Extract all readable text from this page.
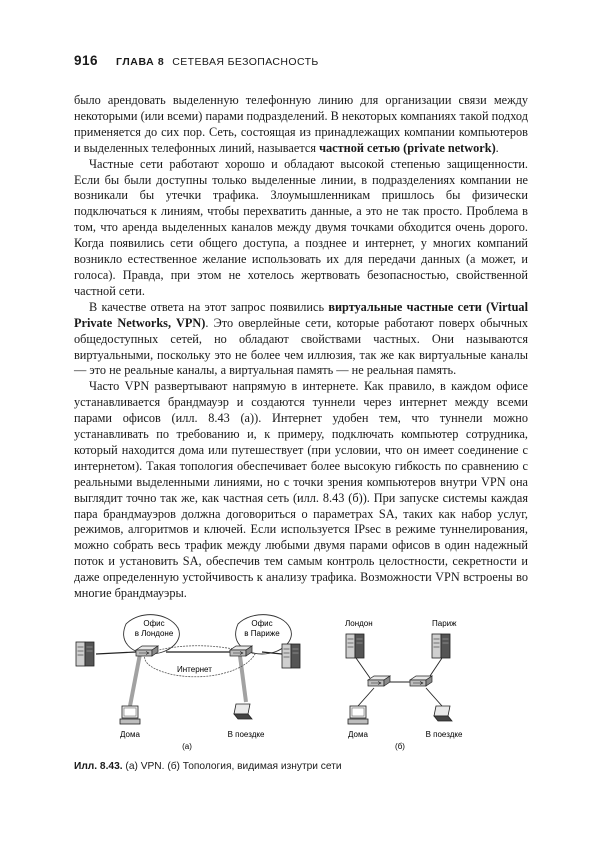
916 ГЛАВА 8 СЕТЕВАЯ БЕЗОПАСНОСТЬ

было арендовать выделенную телефонную линию для организации связи между некоторыми (или всеми) парами подразделений. В некоторых компаниях такой подход применяется до сих пор. Сеть, состоящая из принадлежащих компании компьютеров и выделенных телефонных линий, называется частной сетью (private network).

Частные сети работают хорошо и обладают высокой степенью защищенности. Если бы были доступны только выделенные линии, в подразделениях компании не возникали бы утечки трафика. Злоумышленникам пришлось бы физически подключаться к линиям, чтобы перехватить данные, а это не так просто. Проблема в том, что аренда выделенных каналов между двумя точками обходится очень дорого. Когда появились сети общего доступа, а позднее и интернет, у многих компаний возникло естественное желание использовать их для передачи данных (а может, и голоса). Правда, при этом не хотелось жертвовать безопасностью, свойственной частной сети.

В качестве ответа на этот запрос появились виртуальные частные сети (Virtual Private Networks, VPN). Это оверлейные сети, которые работают поверх обычных общедоступных сетей, но обладают свойствами частных. Они называются виртуальными, поскольку это не более чем иллюзия, так же как виртуальные каналы — это не реальные каналы, а виртуальная память — не реальная память.

Часто VPN развертывают напрямую в интернете. Как правило, в каждом офисе устанавливается брандмауэр и создаются туннели через интернет между всеми парами офисов (илл. 8.43 (а)). Интернет удобен тем, что туннели можно устанавливать по требованию и, к примеру, подключать компьютер сотрудника, который находится дома или путешествует (при условии, что он имеет соединение с интернетом). Такая топология обеспечивает более высокую гибкость по сравнению с реальными выделенными линиями, но с точки зрения компьютеров внутри VPN она выглядит точно так же, как частная сеть (илл. 8.43 (б)). При запуске системы каждая пара брандмауэров должна договориться о параметрах SA, таких как набор услуг, режимов, алгоритмов и ключей. Если используется IPsec в режиме туннелирования, можно собрать весь трафик между любыми двумя парами офисов в один надежный поток и установить SA, обеспечив тем самым контроль целостности, секретности и даже определенную устойчивость к анализу трафика. Возможности VPN встроены во многие брандмауэры.

Офис
в Лондоне
Офис
в Париже
Интернет
Дома	В поездке
(а)
Лондон	Париж
Дома	В поездке
(б)
Илл. 8.43. (а) VPN. (б) Топология, видимая изнутри сети
